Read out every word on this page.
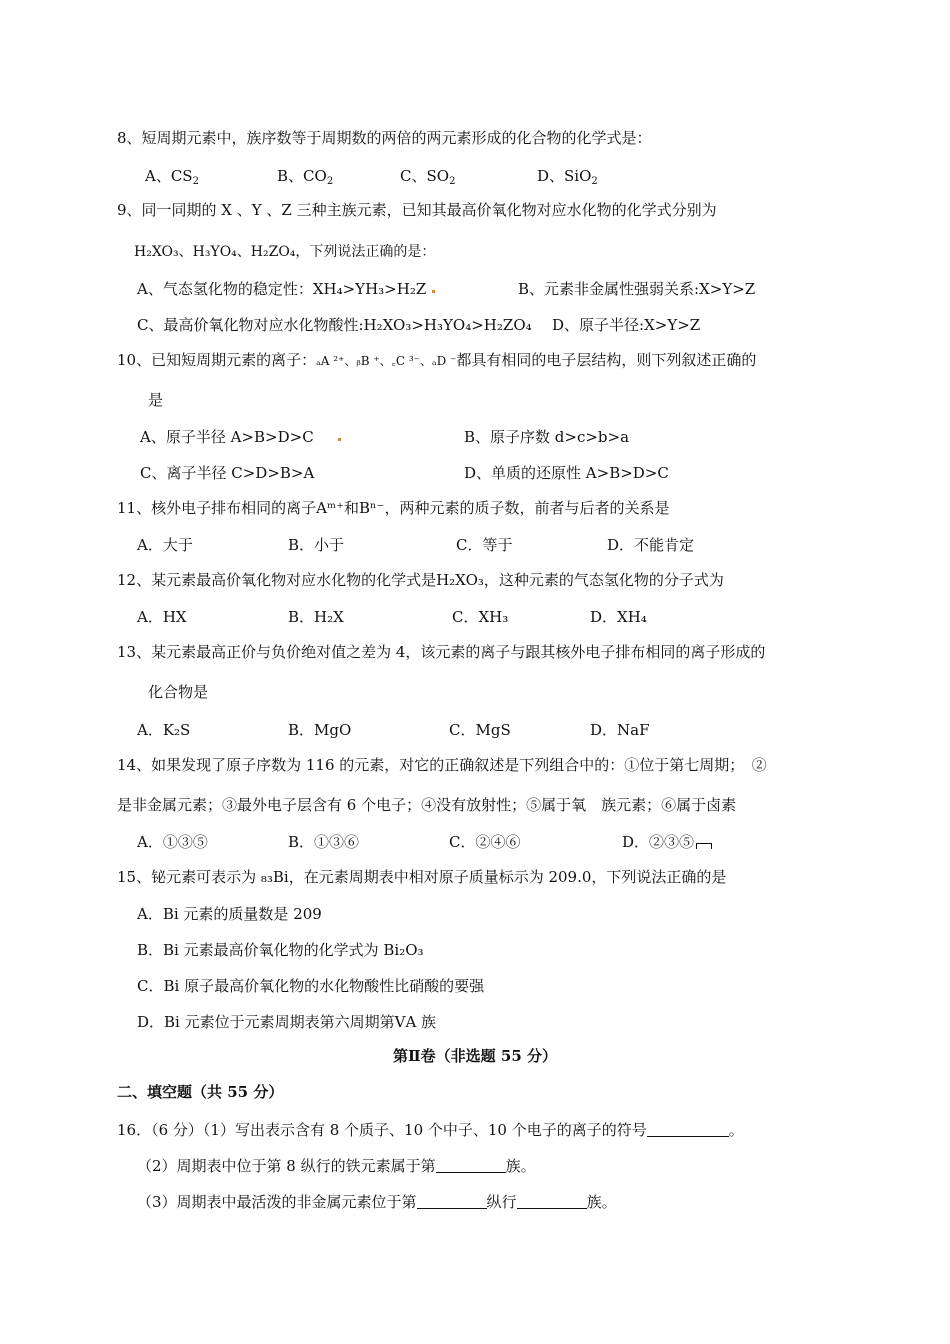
8、短周期元素中，族序数等于周期数的两倍的两元素形成的化合物的化学式是：
A、$CS_2$	B、$CO_2$	C、$SO_2$	D、SiO$_2$
9、同一同期的 X 、Y 、Z 三种主族元素，已知其最高价氧化物对应水化物的化学式分别为
H₂XO₃、H₃YO₄、H₂ZO₄，下列说法正确的是：
A、气态氢化物的稳定性：XH₄>YH₃>H₂Z	B、元素非金属性强弱关系:X>Y>Z
C、最高价氧化物对应水化物酸性:H₂XO₃>H₃YO₄>H₂ZO₄ D、原子半径:X>Y>Z
10、已知短周期元素的离子：ₐA ²⁺、ᵦB ⁺、꜀C ³⁻、ₐD ⁻都具有相同的电子层结构，则下列叙述正确的
是
A、原子半径 A>B>D>C	B、原子序数 d>c>b>a
C、离子半径 C>D>B>A	D、单质的还原性 A>B>D>C
11、核外电子排布相同的离子Aᵐ⁺和Bⁿ⁻，两种元素的质子数，前者与后者的关系是
A．大于	B．小于	C．等于	D．不能肯定
12、某元素最高价氧化物对应水化物的化学式是H₂XO₃，这种元素的气态氢化物的分子式为
A．HX	B．H₂X	C．XH₃	D．XH₄
13、某元素最高正价与负价绝对值之差为 4，该元素的离子与跟其核外电子排布相同的离子形成的
化合物是
A．K₂S	B．MgO	C．MgS	D．NaF
14、如果发现了原子序数为 116 的元素，对它的正确叙述是下列组合中的：①位于第七周期；　②
是非金属元素；③最外电子层含有 6 个电子；④没有放射性；⑤属于氧　族元素；⑥属于卤素
A．①③⑤	B．①③⑥	C．②④⑥	D．②③⑤
15、铋元素可表示为 ₈₃Bi，在元素周期表中相对原子质量标示为 209.0，下列说法正确的是
A．Bi 元素的质量数是 209
B．Bi 元素最高价氧化物的化学式为 Bi₂O₃
C．Bi 原子最高价氧化物的水化物酸性比硝酸的要强
D．Bi 元素位于元素周期表第六周期第ⅤA 族
第Ⅱ卷（非选题 55 分）
二、填空题（共 55 分）
16．（6 分）（1）写出表示含有 8 个质子、10 个中子、10 个电子的离子的符号	。
（2）周期表中位于第 8 纵行的铁元素属于第	族。
（3）周期表中最活泼的非金属元素位于第	纵行	族。
